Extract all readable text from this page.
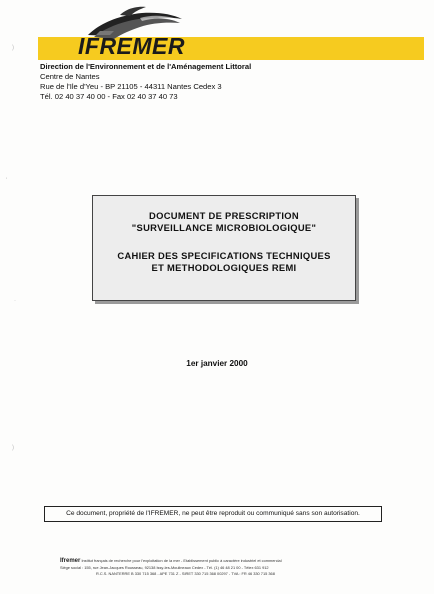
IFREMER
Direction de l'Environnement et de l'Aménagement Littoral
Centre de Nantes
Rue de l'Ile d'Yeu - BP 21105 - 44311 Nantes Cedex 3
Tél. 02 40 37 40 00 - Fax 02 40 37 40 73
DOCUMENT DE PRESCRIPTION
"SURVEILLANCE MICROBIOLOGIQUE"
CAHIER DES SPECIFICATIONS TECHNIQUES
ET METHODOLOGIQUES REMI
1er janvier 2000
Ce document, propriété de l'IFREMER, ne peut être reproduit ou communiqué sans son autorisation.
Ifremer Institut français de recherche pour l'exploitation de la mer - Etablissement public à caractère industriel et commercial
Siège social : 155, rue Jean-Jacques Rousseau, 92138 Issy-les-Moulineaux Cedex - Tél. (1) 46 48 21 00 - Télex 631 912
R.C.S. NANTERRE B 330 715 368 - APE 731 Z - SIRET 330 715 368 00297 - TVA : FR 46 330 715 368
)
'
·
)
